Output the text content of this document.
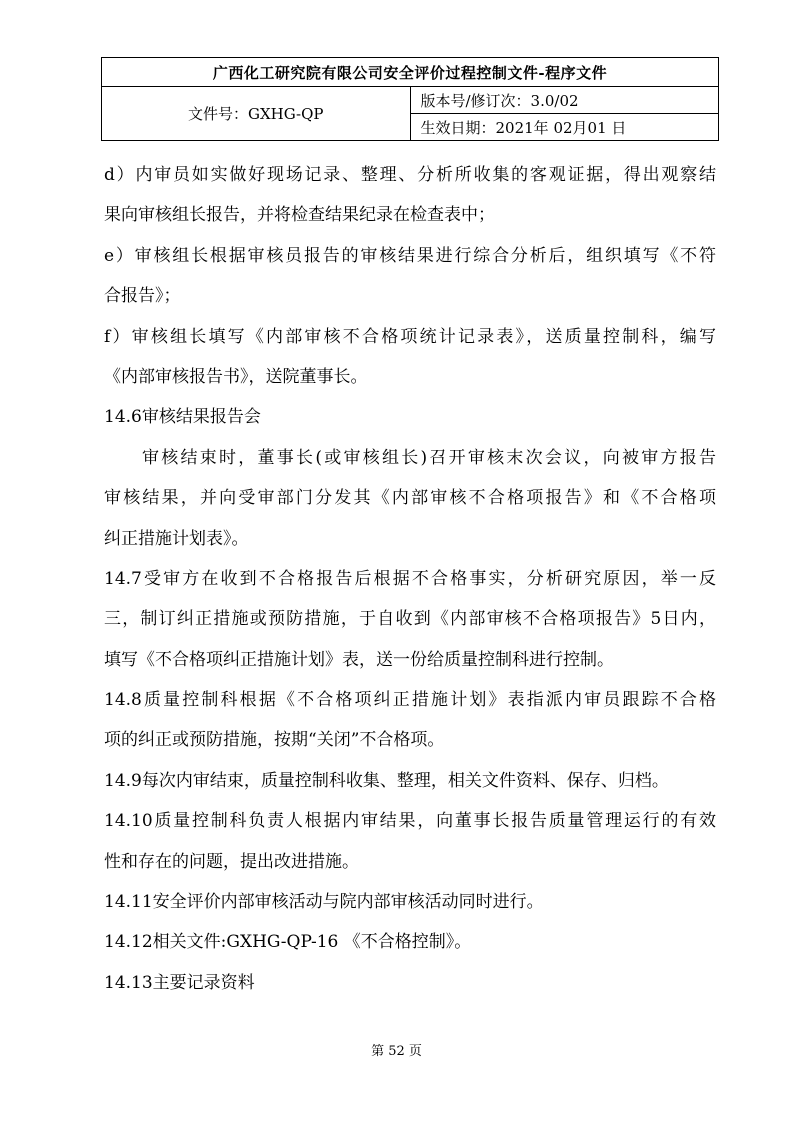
广西化工研究院有限公司安全评价过程控制文件-程序文件
文件号：GXHG-QP	版本号/修订次：3.0/02
生效日期：2021年 02月01 日
d）内审员如实做好现场记录、整理、分析所收集的客观证据，得出观察结
果向审核组长报告，并将检查结果纪录在检查表中；
e）审核组长根据审核员报告的审核结果进行综合分析后，组织填写《不符
合报告》；
f）审核组长填写《内部审核不合格项统计记录表》，送质量控制科，编写
《内部审核报告书》，送院董事长。
14.6审核结果报告会
审核结束时，董事长(或审核组长)召开审核末次会议，向被审方报告
审核结果，并向受审部门分发其《内部审核不合格项报告》和《不合格项
纠正措施计划表》。
14.7受审方在收到不合格报告后根据不合格事实，分析研究原因，举一反
三，制订纠正措施或预防措施，于自收到《内部审核不合格项报告》5日内，
填写《不合格项纠正措施计划》表，送一份给质量控制科进行控制。
14.8质量控制科根据《不合格项纠正措施计划》表指派内审员跟踪不合格
项的纠正或预防措施，按期“关闭”不合格项。
14.9每次内审结束，质量控制科收集、整理，相关文件资料、保存、归档。
14.10质量控制科负责人根据内审结果，向董事长报告质量管理运行的有效
性和存在的问题，提出改进措施。
14.11安全评价内部审核活动与院内部审核活动同时进行。
14.12相关文件:GXHG-QP-16 《不合格控制》。
14.13主要记录资料
第 52 页
